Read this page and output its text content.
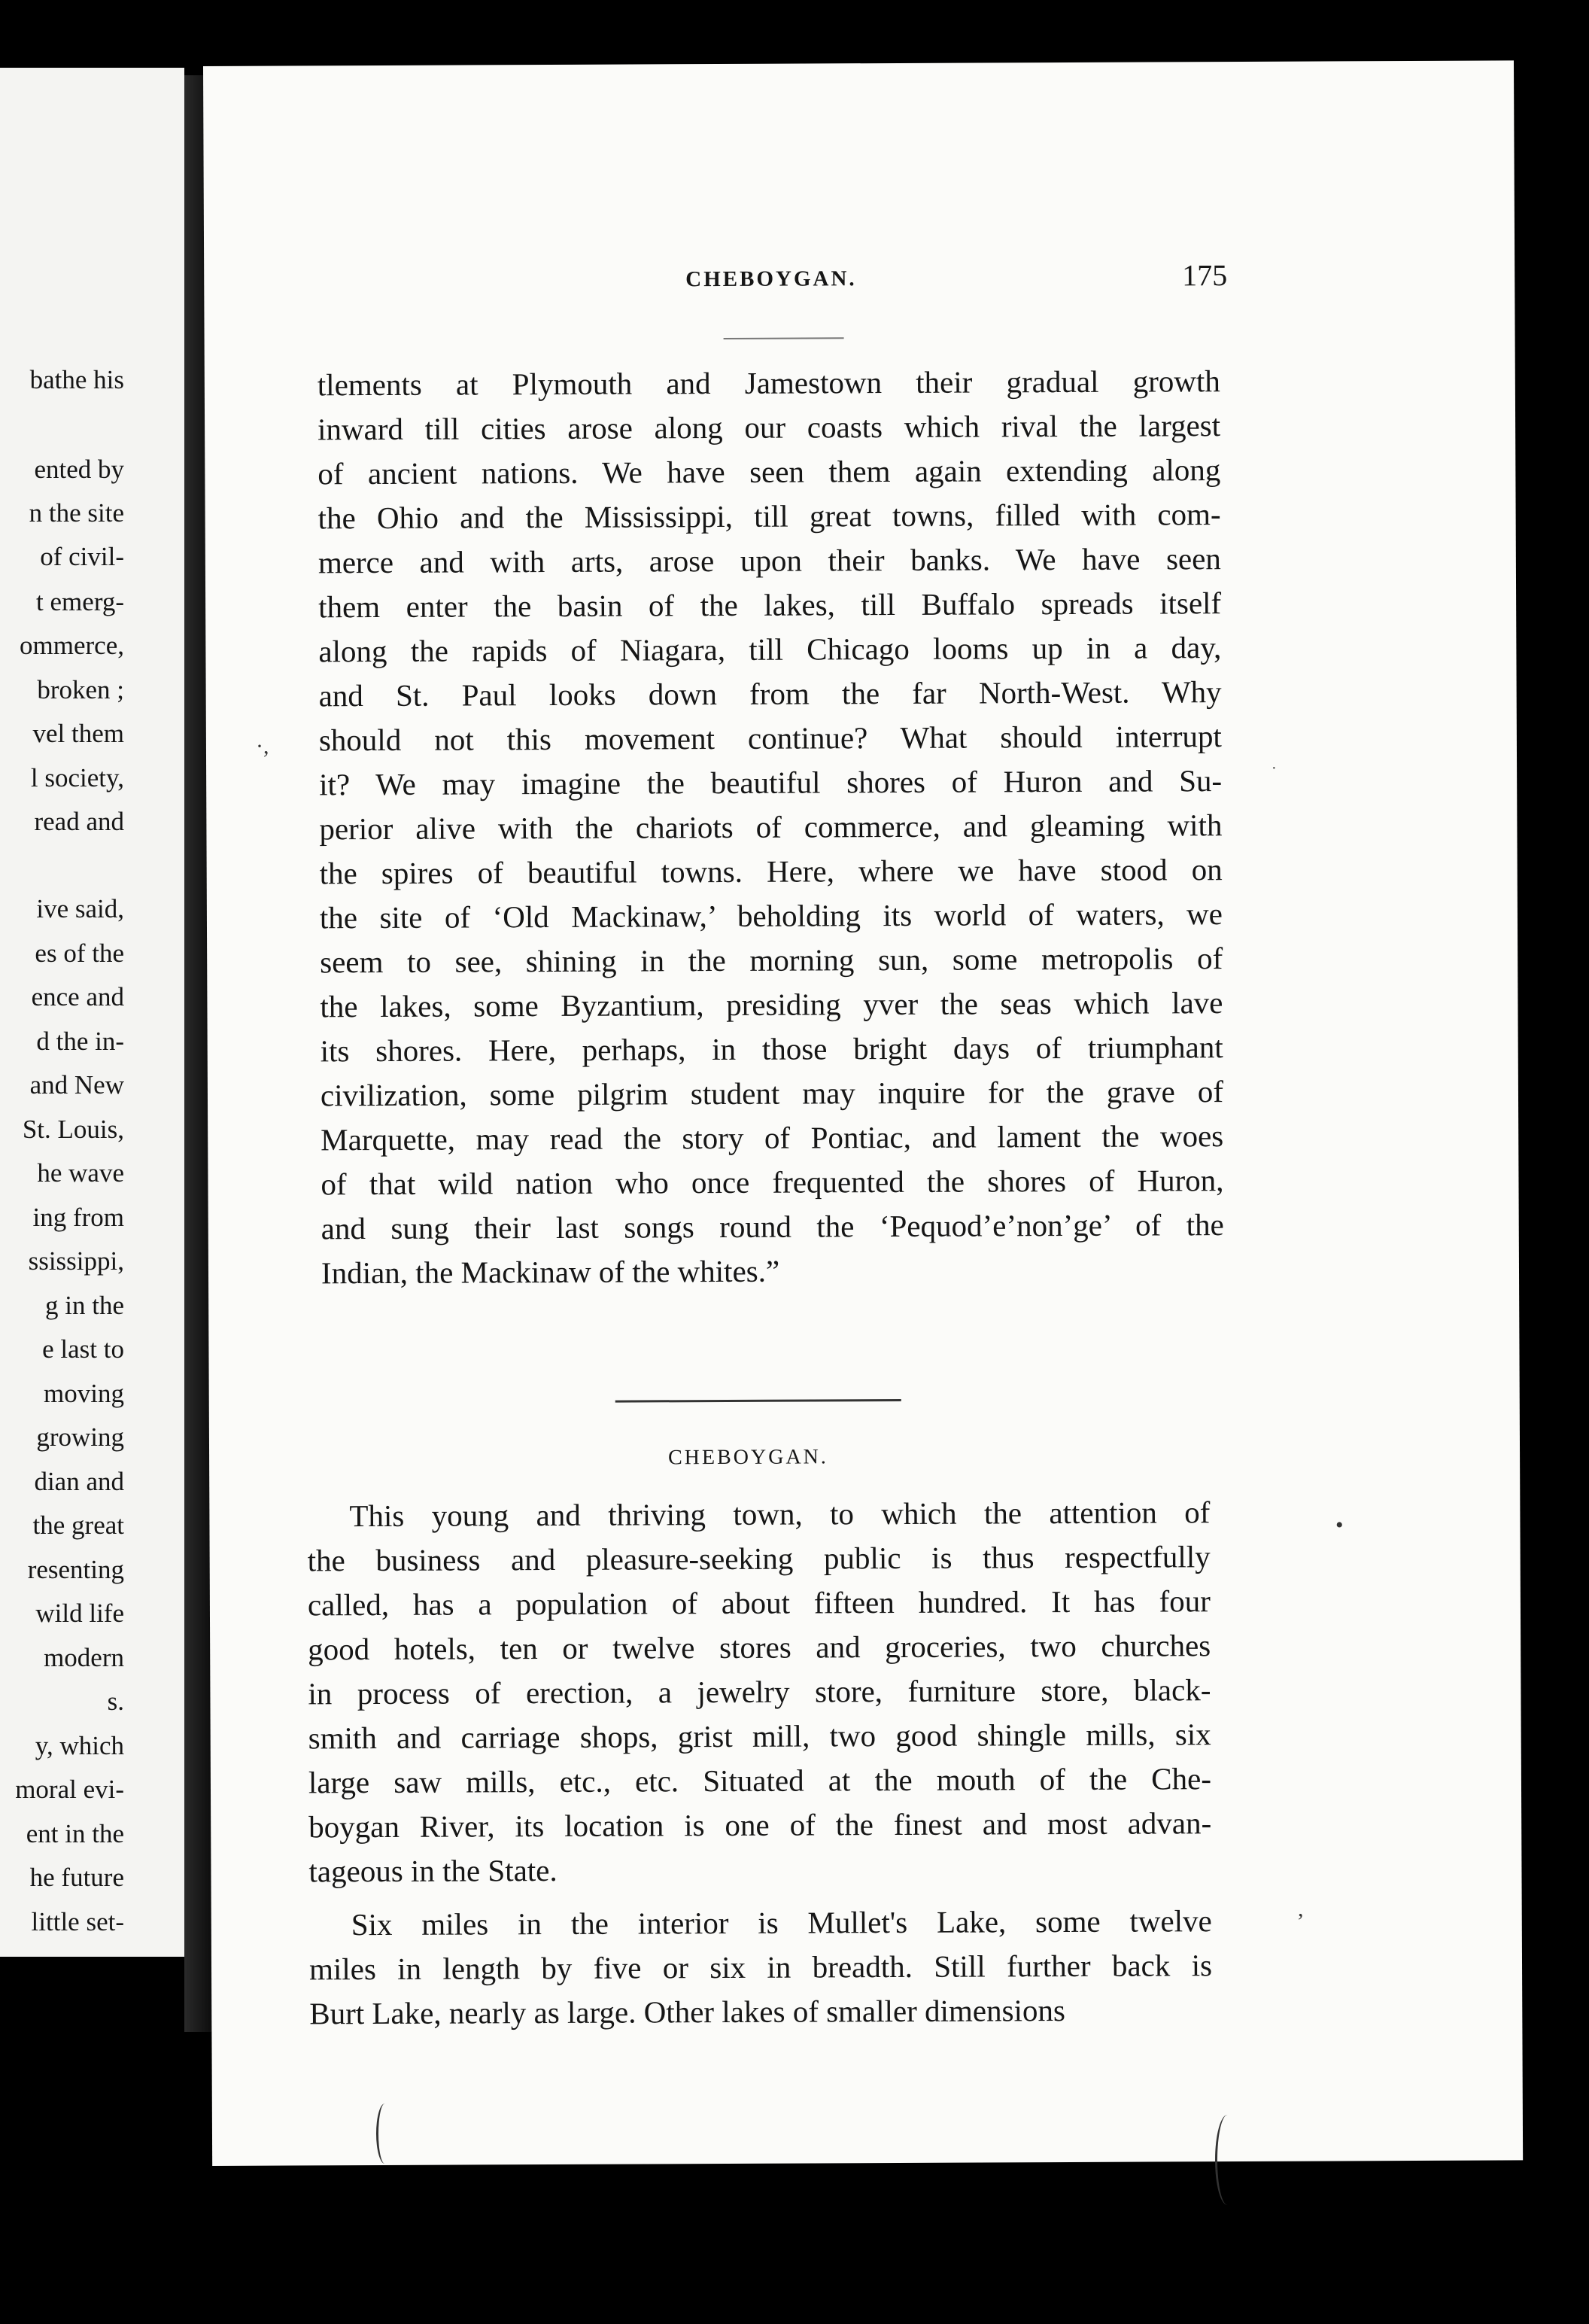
bathe his
ented by
n the site
of civil-
t emerg-
ommerce,
broken ;
vel them
l society,
read and
ive said,
es of the
ence and
d the in-
and New
St. Louis,
he wave
ing from
ssissippi,
g in the
e last to
moving
growing
dian and
the great
resenting
wild life
modern
s.
y, which
moral evi-
ent in the
he future
little set-
CHEBOYGAN.	175
tlements at Plymouth and Jamestown their gradual growth
inward till cities arose along our coasts which rival the largest
of ancient nations. We have seen them again extending along
the Ohio and the Mississippi, till great towns, filled with com-
merce and with arts, arose upon their banks. We have seen
them enter the basin of the lakes, till Buffalo spreads itself
along the rapids of Niagara, till Chicago looms up in a day,
and St. Paul looks down from the far North-West. Why
should not this movement continue? What should interrupt
it? We may imagine the beautiful shores of Huron and Su-
perior alive with the chariots of commerce, and gleaming with
the spires of beautiful towns. Here, where we have stood on
the site of ‘Old Mackinaw,’ beholding its world of waters, we
seem to see, shining in the morning sun, some metropolis of
the lakes, some Byzantium, presiding yver the seas which lave
its shores. Here, perhaps, in those bright days of triumphant
civilization, some pilgrim student may inquire for the grave of
Marquette, may read the story of Pontiac, and lament the woes
of that wild nation who once frequented the shores of Huron,
and sung their last songs round the ‘Pequod’e’non’ge’ of the
Indian, the Mackinaw of the whites.”
CHEBOYGAN.
This young and thriving town, to which the attention of
the business and pleasure-seeking public is thus respectfully
called, has a population of about fifteen hundred. It has four
good hotels, ten or twelve stores and groceries, two churches
in process of erection, a jewelry store, furniture store, black-
smith and carriage shops, grist mill, two good shingle mills, six
large saw mills, etc., etc. Situated at the mouth of the Che-
boygan River, its location is one of the finest and most advan-
tageous in the State.
Six miles in the interior is Mullet's Lake, some twelve
miles in length by five or six in breadth. Still further back is
Burt Lake, nearly as large. Other lakes of smaller dimensions
·,
·
•
,
